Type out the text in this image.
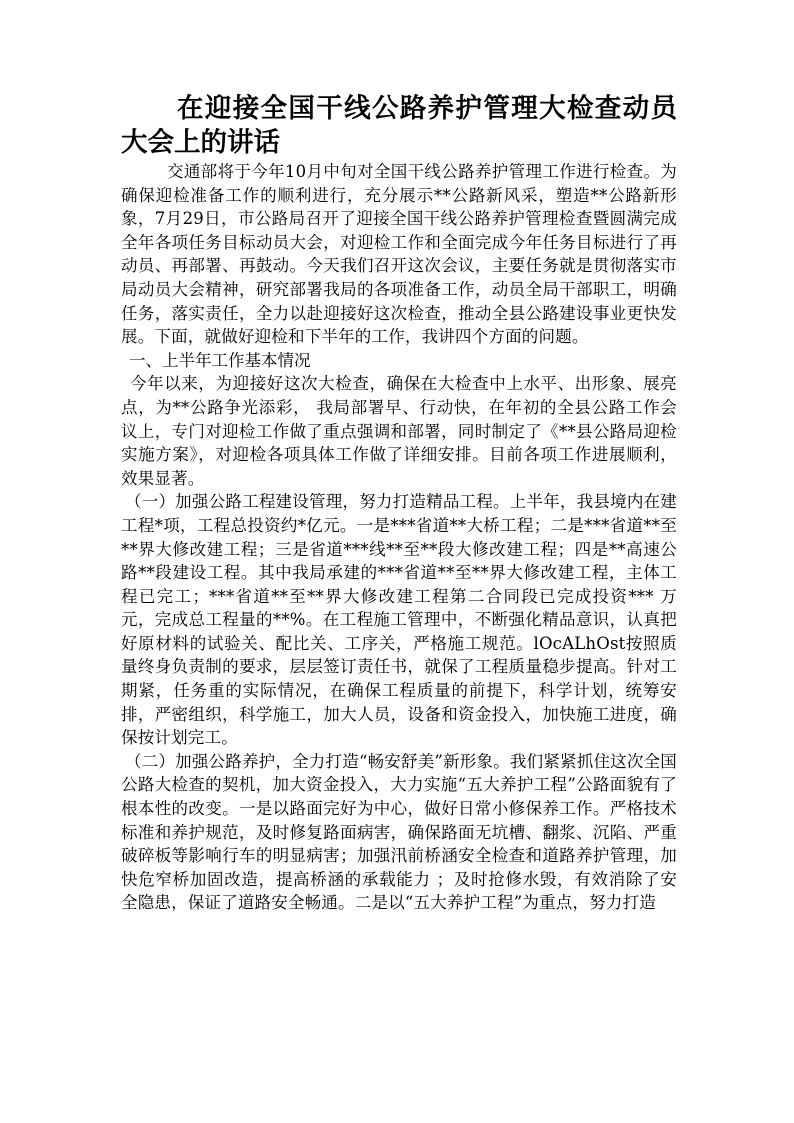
在迎接全国干线公路养护管理大检查动员大会上的讲话

交通部将于今年10月中旬对全国干线公路养护管理工作进行检查。为确保迎检准备工作的顺利进行，充分展示**公路新风采，塑造**公路新形象，7月29日，市公路局召开了迎接全国干线公路养护管理检查暨圆满完成全年各项任务目标动员大会，对迎检工作和全面完成今年任务目标进行了再动员、再部署、再鼓动。今天我们召开这次会议，主要任务就是贯彻落实市局动员大会精神，研究部署我局的各项准备工作，动员全局干部职工，明确任务，落实责任，全力以赴迎接好这次检查，推动全县公路建设事业更快发展。下面，就做好迎检和下半年的工作，我讲四个方面的问题。

一、上半年工作基本情况

今年以来，为迎接好这次大检查，确保在大检查中上水平、出形象、展亮点，为**公路争光添彩， 我局部署早、行动快，在年初的全县公路工作会议上，专门对迎检工作做了重点强调和部署，同时制定了《**县公路局迎检实施方案》，对迎检各项具体工作做了详细安排。目前各项工作进展顺利，效果显著。

（一）加强公路工程建设管理，努力打造精品工程。上半年，我县境内在建工程*项，工程总投资约*亿元。一是***省道**大桥工程；二是***省道**至**界大修改建工程；三是省道***线**至**段大修改建工程；四是**高速公路**段建设工程。其中我局承建的***省道**至**界大修改建工程，主体工程已完工；***省道**至**界大修改建工程第二合同段已完成投资*** 万元，完成总工程量的**%。在工程施工管理中，不断强化精品意识，认真把好原材料的试验关、配比关、工序关，严格施工规范。lOcALhOst按照质量终身负责制的要求，层层签订责任书，就保了工程质量稳步提高。针对工期紧，任务重的实际情况，在确保工程质量的前提下，科学计划，统筹安排，严密组织，科学施工，加大人员，设备和资金投入，加快施工进度，确保按计划完工。

（二）加强公路养护，全力打造“畅安舒美”新形象。我们紧紧抓住这次全国公路大检查的契机，加大资金投入，大力实施“五大养护工程”公路面貌有了根本性的改变。一是以路面完好为中心，做好日常小修保养工作。严格技术标准和养护规范，及时修复路面病害，确保路面无坑槽、翻浆、沉陷、严重破碎板等影响行车的明显病害；加强汛前桥涵安全检查和道路养护管理，加快危窄桥加固改造，提高桥涵的承载能力 ；及时抢修水毁，有效消除了安全隐患，保证了道路安全畅通。二是以“五大养护工程”为重点，努力打造
